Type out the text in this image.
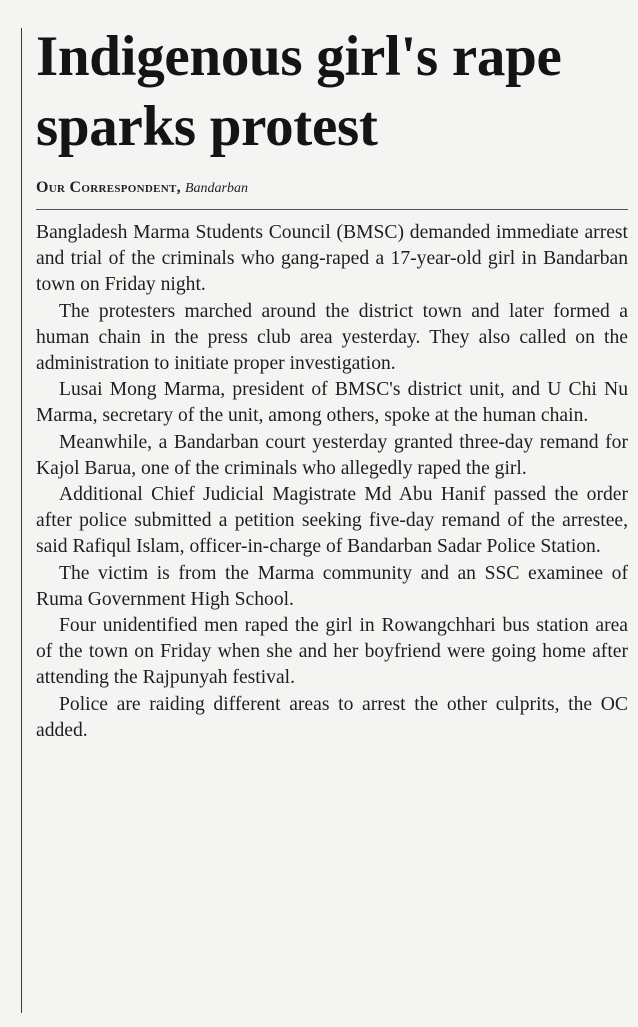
Indigenous girl's rape sparks protest
Our Correspondent, Bandarban

Bangladesh Marma Students Council (BMSC) demanded immediate arrest and trial of the criminals who gang-raped a 17-year-old girl in Bandarban town on Friday night.

The protesters marched around the district town and later formed a human chain in the press club area yesterday. They also called on the administration to initiate proper investigation.

Lusai Mong Marma, president of BMSC's district unit, and U Chi Nu Marma, secretary of the unit, among others, spoke at the human chain.

Meanwhile, a Bandarban court yesterday granted three-day remand for Kajol Barua, one of the criminals who allegedly raped the girl.

Additional Chief Judicial Magistrate Md Abu Hanif passed the order after police submitted a petition seeking five-day remand of the arrestee, said Rafiqul Islam, officer-in-charge of Bandarban Sadar Police Station.

The victim is from the Marma community and an SSC examinee of Ruma Government High School.

Four unidentified men raped the girl in Rowangchhari bus station area of the town on Friday when she and her boyfriend were going home after attending the Rajpunyah festival.

Police are raiding different areas to arrest the other culprits, the OC added.
